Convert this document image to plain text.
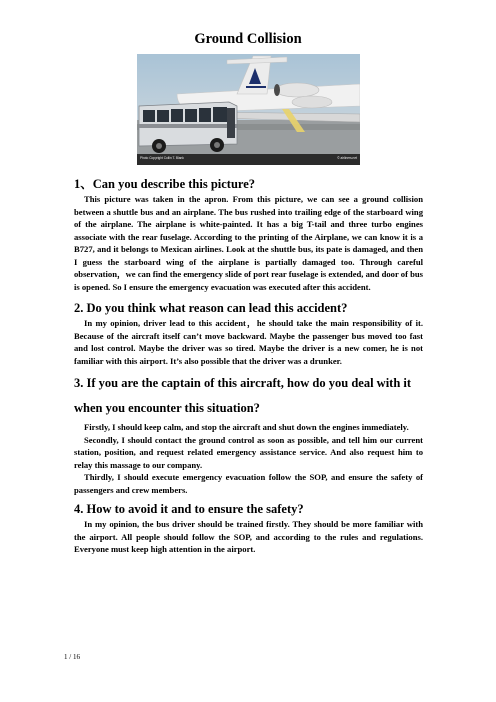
Ground Collision
Photo Copyright Collin T. Blank	© airliners.net
1、Can you describe this picture?

This picture was taken in the apron. From this picture, we can see a ground collision between a shuttle bus and an airplane. The bus rushed into trailing edge of the starboard wing of the airplane. The airplane is white-painted. It has a big T-tail and three turbo engines associate with the rear fuselage. According to the printing of the Airplane, we can know it is a B727, and it belongs to Mexican airlines. Look at the shuttle bus, its pate is damaged, and then I guess the starboard wing of the airplane is partially damaged too. Through careful observation，we can find the emergency slide of port rear fuselage is extended, and door of bus is opened. So I ensure the emergency evacuation was executed after this accident.

2. Do you think what reason can lead this accident?

In my opinion, driver lead to this accident，he should take the main responsibility of it. Because of the aircraft itself can’t move backward. Maybe the passenger bus moved too fast and lost control. Maybe the driver was so tired. Maybe the driver is a new comer, he is not familiar with this airport. It’s also possible that the driver was a drunker.

3. If you are the captain of this aircraft, how do you deal with it when you encounter this situation?

Firstly, I should keep calm, and stop the aircraft and shut down the engines immediately.

Secondly, I should contact the ground control as soon as possible, and tell him our current station, position, and request related emergency assistance service. And also request him to relay this massage to our company.

Thirdly, I should execute emergency evacuation follow the SOP, and ensure the safety of passengers and crew members.

4. How to avoid it and to ensure the safety?

In my opinion, the bus driver should be trained firstly. They should be more familiar with the airport. All people should follow the SOP, and according to the rules and regulations. Everyone must keep high attention in the airport.

1 / 16
